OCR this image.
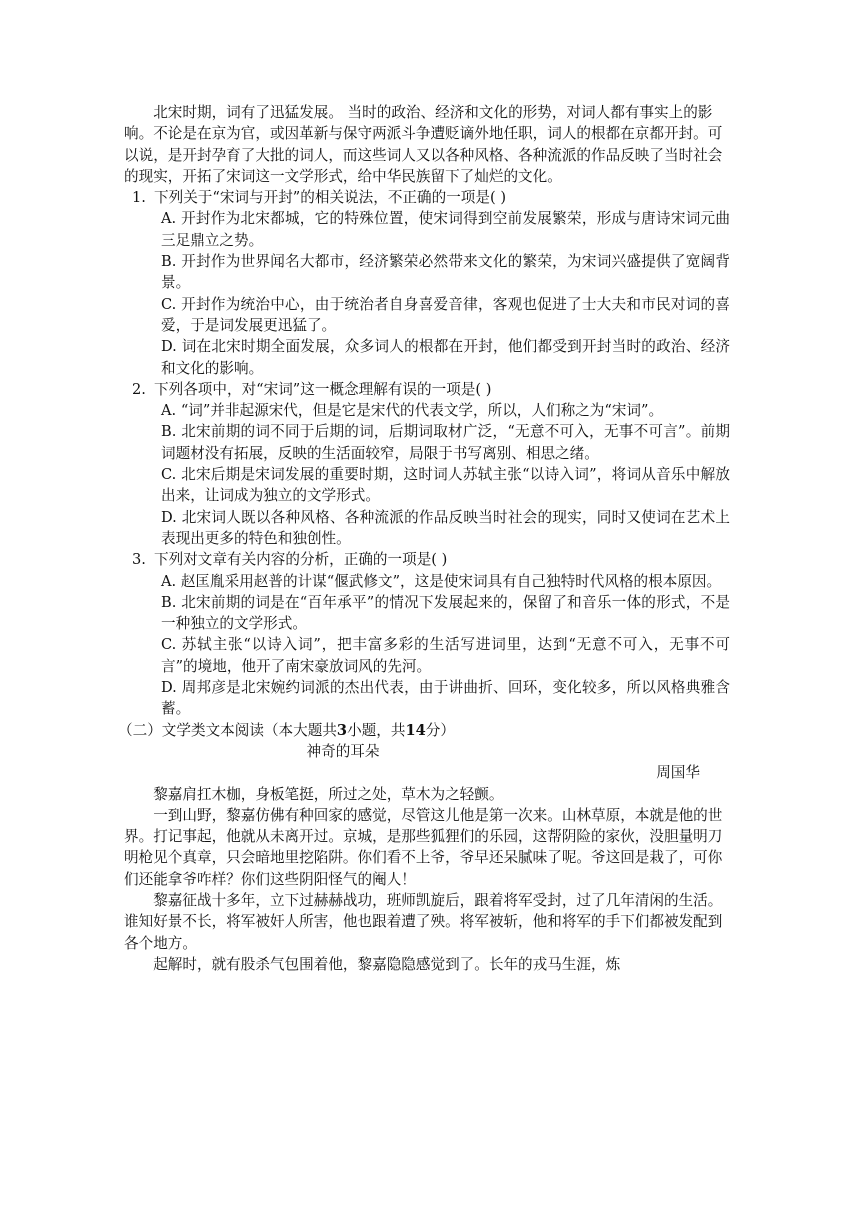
北宋时期，词有了迅猛发展。 当时的政治、经济和文化的形势，对词人都有事实上的影响。不论是在京为官，或因革新与保守两派斗争遭贬谪外地任职，词人的根都在京都开封。可以说，是开封孕育了大批的词人，而这些词人又以各种风格、各种流派的作品反映了当时社会的现实，开拓了宋词这一文学形式，给中华民族留下了灿烂的文化。

1. 下列关于“宋词与开封”的相关说法，不正确的一项是( )

A. 开封作为北宋都城，它的特殊位置，使宋词得到空前发展繁荣，形成与唐诗宋词元曲三足鼎立之势。

B. 开封作为世界闻名大都市，经济繁荣必然带来文化的繁荣，为宋词兴盛提供了宽阔背景。

C. 开封作为统治中心，由于统治者自身喜爱音律，客观也促进了士大夫和市民对词的喜爱，于是词发展更迅猛了。

D. 词在北宋时期全面发展，众多词人的根都在开封，他们都受到开封当时的政治、经济和文化的影响。

2. 下列各项中，对“宋词”这一概念理解有误的一项是( )

A. “词”并非起源宋代，但是它是宋代的代表文学，所以，人们称之为“宋词”。

B. 北宋前期的词不同于后期的词，后期词取材广泛，“无意不可入，无事不可言”。前期词题材没有拓展，反映的生活面较窄，局限于书写离别、相思之绪。

C. 北宋后期是宋词发展的重要时期，这时词人苏轼主张“以诗入词”，将词从音乐中解放出来，让词成为独立的文学形式。

D. 北宋词人既以各种风格、各种流派的作品反映当时社会的现实，同时又使词在艺术上表现出更多的特色和独创性。

3. 下列对文章有关内容的分析，正确的一项是( )

A. 赵匡胤采用赵普的计谋“偃武修文”，这是使宋词具有自己独特时代风格的根本原因。

B. 北宋前期的词是在“百年承平”的情况下发展起来的，保留了和音乐一体的形式，不是一种独立的文学形式。

C. 苏轼主张“以诗入词”，把丰富多彩的生活写进词里，达到“无意不可入，无事不可言”的境地，他开了南宋豪放词风的先河。

D. 周邦彦是北宋婉约词派的杰出代表，由于讲曲折、回环，变化较多，所以风格典雅含蓄。

（二）文学类文本阅读（本大题共3小题，共14分）

神奇的耳朵

周国华

黎嘉肩扛木枷，身板笔挺，所过之处，草木为之轻颤。

一到山野，黎嘉仿佛有种回家的感觉，尽管这儿他是第一次来。山林草原，本就是他的世界。打记事起，他就从未离开过。京城，是那些狐狸们的乐园，这帮阴险的家伙，没胆量明刀明枪见个真章，只会暗地里挖陷阱。你们看不上爷，爷早还呆腻味了呢。爷这回是栽了，可你们还能拿爷咋样？你们这些阴阳怪气的阉人！

黎嘉征战十多年，立下过赫赫战功，班师凯旋后，跟着将军受封，过了几年清闲的生活。谁知好景不长，将军被奸人所害，他也跟着遭了殃。将军被斩，他和将军的手下们都被发配到各个地方。

起解时，就有股杀气包围着他，黎嘉隐隐感觉到了。长年的戎马生涯，炼
